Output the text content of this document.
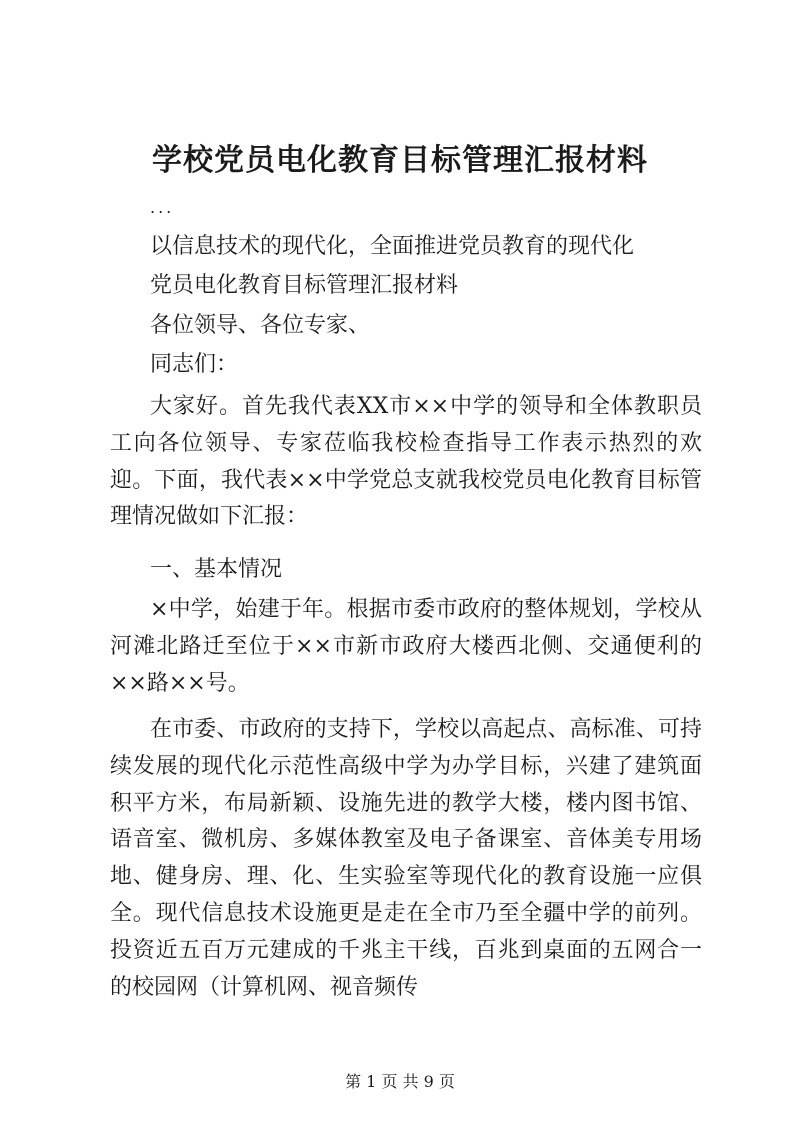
学校党员电化教育目标管理汇报材料

...

以信息技术的现代化，全面推进党员教育的现代化

党员电化教育目标管理汇报材料

各位领导、各位专家、

同志们：

大家好。首先我代表XX市××中学的领导和全体教职员工向各位领导、专家莅临我校检查指导工作表示热烈的欢迎。下面，我代表××中学党总支就我校党员电化教育目标管理情况做如下汇报：

一、基本情况

×中学，始建于年。根据市委市政府的整体规划，学校从河滩北路迁至位于××市新市政府大楼西北侧、交通便利的××路××号。

在市委、市政府的支持下，学校以高起点、高标准、可持续发展的现代化示范性高级中学为办学目标，兴建了建筑面积平方米，布局新颖、设施先进的教学大楼，楼内图书馆、语音室、微机房、多媒体教室及电子备课室、音体美专用场地、健身房、理、化、生实验室等现代化的教育设施一应俱全。现代信息技术设施更是走在全市乃至全疆中学的前列。投资近五百万元建成的千兆主干线，百兆到桌面的五网合一的校园网（计算机网、视音频传

第 1 页 共 9 页
